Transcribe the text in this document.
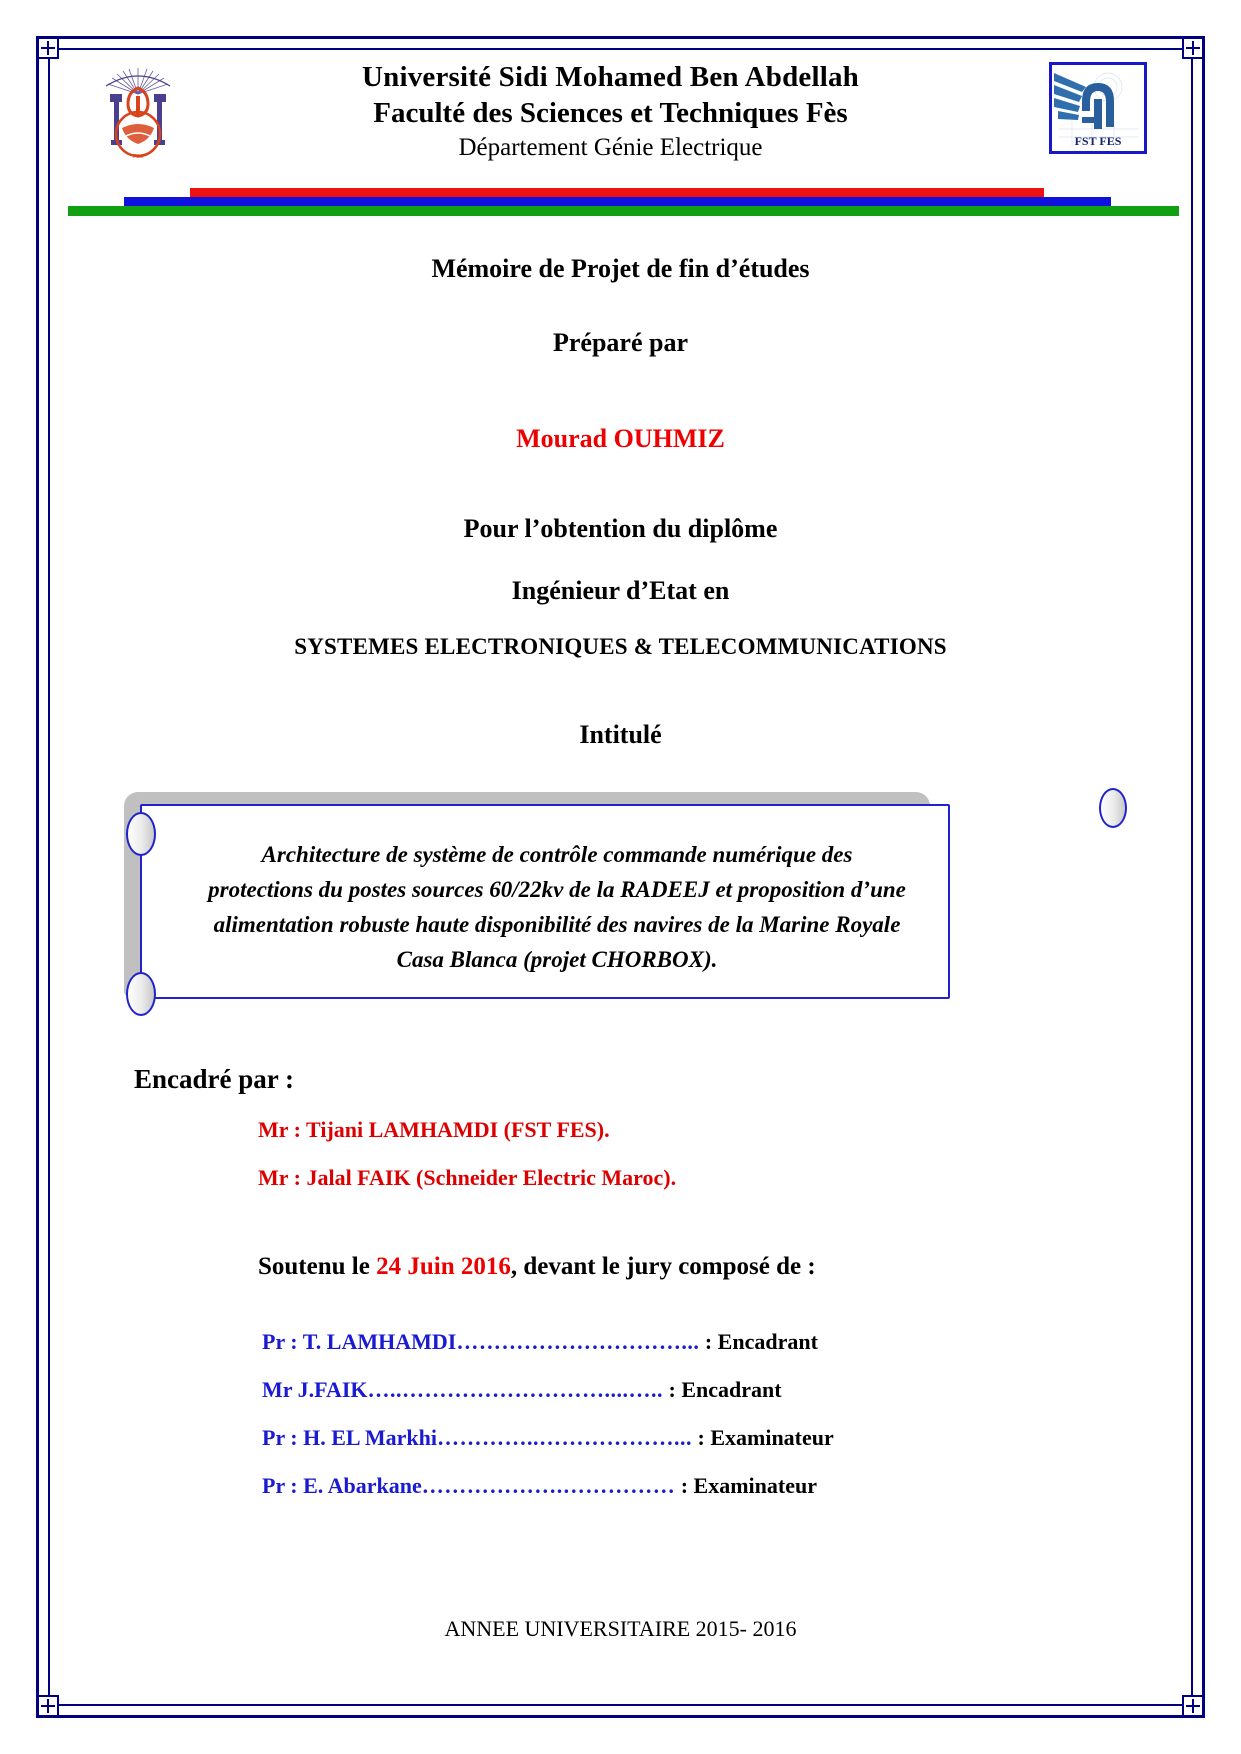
FES
Université Sidi Mohamed Ben Abdellah
Faculté des Sciences et Techniques Fès
Département Génie Electrique	FST FES
Mémoire de Projet de fin d’études
Préparé par
Mourad OUHMIZ
Pour l’obtention du diplôme
Ingénieur d’Etat en
SYSTEMES ELECTRONIQUES & TELECOMMUNICATIONS
Intitulé
Architecture de système de contrôle commande numérique des
protections du postes sources 60/22kv de la RADEEJ et proposition d’une
alimentation robuste haute disponibilité des navires de la Marine Royale
Casa Blanca (projet CHORBOX).
Encadré par :
Mr : Tijani LAMHAMDI (FST FES).
Mr : Jalal FAIK (Schneider Electric Maroc).
Soutenu le 24 Juin 2016, devant le jury composé de :
Pr : T. LAMHAMDI…………………………... : Encadrant
Mr J.FAIK…..………………………....….. : Encadrant
Pr : H. EL Markhi…………..………………... : Examinateur
Pr : E. Abarkane……………….…………… : Examinateur
ANNEE UNIVERSITAIRE 2015- 2016
